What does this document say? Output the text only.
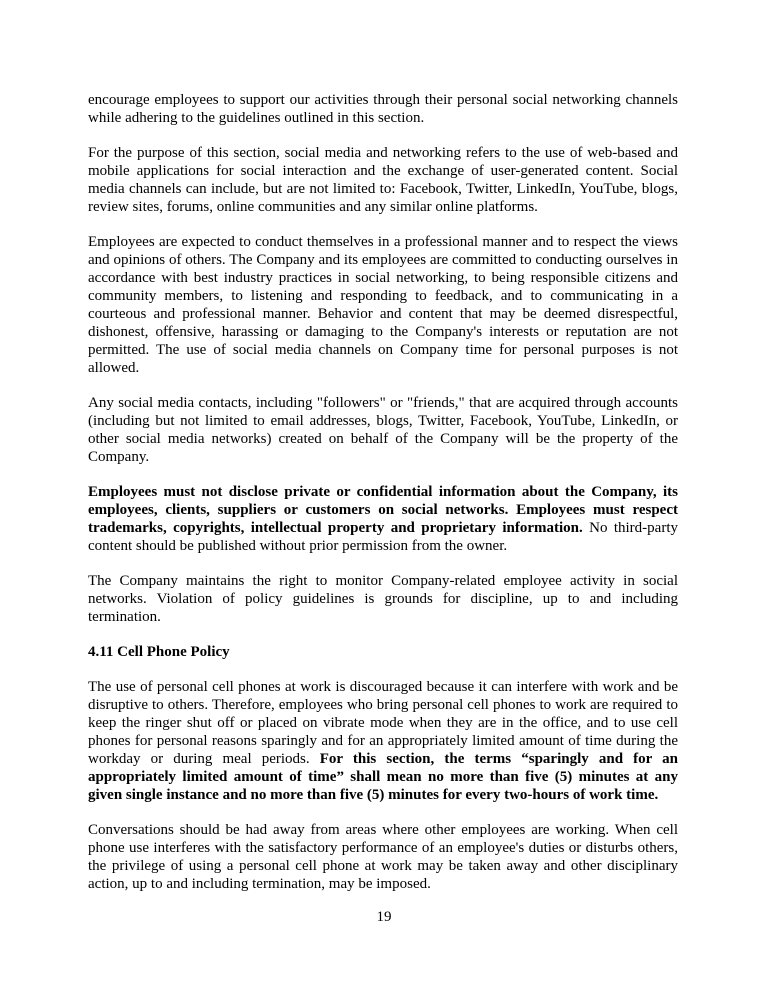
encourage employees to support our activities through their personal social networking channels while adhering to the guidelines outlined in this section.

For the purpose of this section, social media and networking refers to the use of web-based and mobile applications for social interaction and the exchange of user-generated content. Social media channels can include, but are not limited to: Facebook, Twitter, LinkedIn, YouTube, blogs, review sites, forums, online communities and any similar online platforms.

Employees are expected to conduct themselves in a professional manner and to respect the views and opinions of others. The Company and its employees are committed to conducting ourselves in accordance with best industry practices in social networking, to being responsible citizens and community members, to listening and responding to feedback, and to communicating in a courteous and professional manner. Behavior and content that may be deemed disrespectful, dishonest, offensive, harassing or damaging to the Company's interests or reputation are not permitted. The use of social media channels on Company time for personal purposes is not allowed.

Any social media contacts, including "followers" or "friends," that are acquired through accounts (including but not limited to email addresses, blogs, Twitter, Facebook, YouTube, LinkedIn, or other social media networks) created on behalf of the Company will be the property of the Company.

Employees must not disclose private or confidential information about the Company, its employees, clients, suppliers or customers on social networks. Employees must respect trademarks, copyrights, intellectual property and proprietary information. No third-party content should be published without prior permission from the owner.

The Company maintains the right to monitor Company-related employee activity in social networks. Violation of policy guidelines is grounds for discipline, up to and including termination.

4.11 Cell Phone Policy

The use of personal cell phones at work is discouraged because it can interfere with work and be disruptive to others. Therefore, employees who bring personal cell phones to work are required to keep the ringer shut off or placed on vibrate mode when they are in the office, and to use cell phones for personal reasons sparingly and for an appropriately limited amount of time during the workday or during meal periods. For this section, the terms “sparingly and for an appropriately limited amount of time” shall mean no more than five (5) minutes at any given single instance and no more than five (5) minutes for every two-hours of work time.

Conversations should be had away from areas where other employees are working. When cell phone use interferes with the satisfactory performance of an employee's duties or disturbs others, the privilege of using a personal cell phone at work may be taken away and other disciplinary action, up to and including termination, may be imposed.

19
